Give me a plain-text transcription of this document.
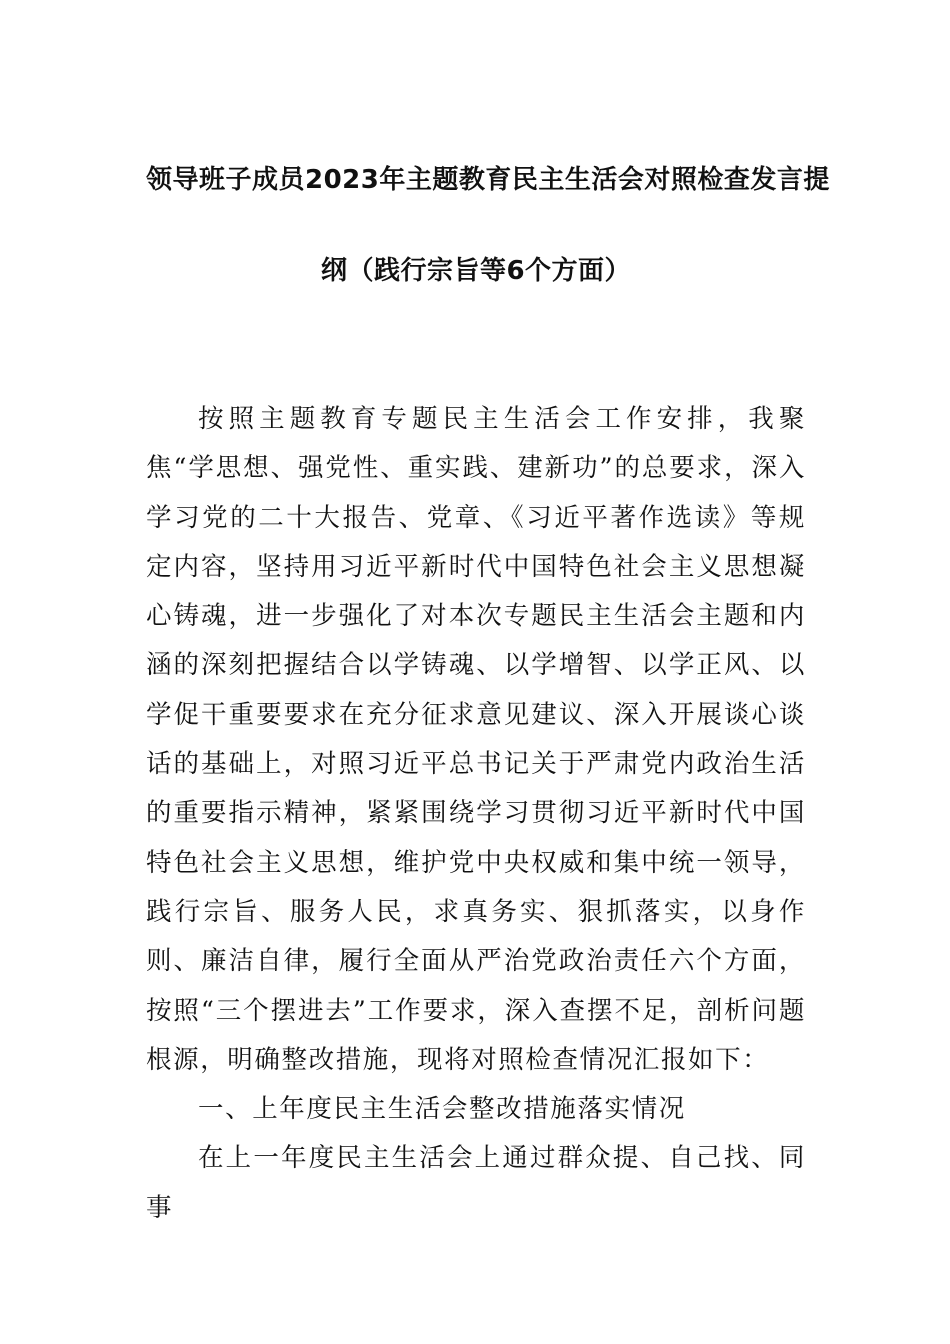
领导班子成员2023年主题教育民主生活会对照检查发言提
纲（践行宗旨等6个方面）

按照主题教育专题民主生活会工作安排，我聚焦“学思想、强党性、重实践、建新功”的总要求，深入学习党的二十大报告、党章、《习近平著作选读》等规定内容，坚持用习近平新时代中国特色社会主义思想凝心铸魂，进一步强化了对本次专题民主生活会主题和内涵的深刻把握结合以学铸魂、以学增智、以学正风、以学促干重要要求在充分征求意见建议、深入开展谈心谈话的基础上，对照习近平总书记关于严肃党内政治生活的重要指示精神，紧紧围绕学习贯彻习近平新时代中国特色社会主义思想，维护党中央权威和集中统一领导，践行宗旨、服务人民，求真务实、狠抓落实，以身作则、廉洁自律，履行全面从严治党政治责任六个方面，按照“三个摆进去”工作要求，深入查摆不足，剖析问题根源，明确整改措施，现将对照检查情况汇报如下：

一、上年度民主生活会整改措施落实情况

在上一年度民主生活会上通过群众提、自己找、同事
